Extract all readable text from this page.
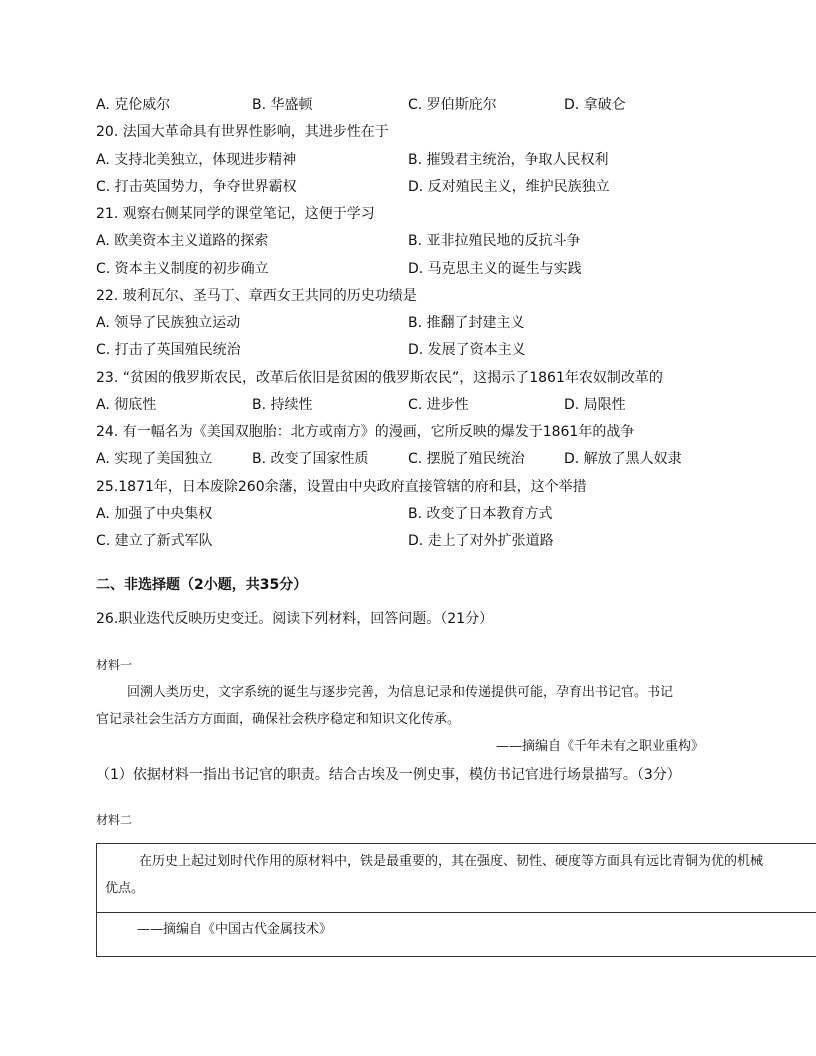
A. 克伦威尔	B. 华盛顿	C. 罗伯斯庇尔	D. 拿破仑
20. 法国大革命具有世界性影响，其进步性在于
A. 支持北美独立，体现进步精神	B. 摧毁君主统治，争取人民权利
C. 打击英国势力，争夺世界霸权	D. 反对殖民主义，维护民族独立
21. 观察右侧某同学的课堂笔记，这便于学习
A. 欧美资本主义道路的探索	B. 亚非拉殖民地的反抗斗争
C. 资本主义制度的初步确立	D. 马克思主义的诞生与实践
22. 玻利瓦尔、圣马丁、章西女王共同的历史功绩是
A. 领导了民族独立运动	B. 推翻了封建主义
C. 打击了英国殖民统治	D. 发展了资本主义
23. “贫困的俄罗斯农民，改革后依旧是贫困的俄罗斯农民”，这揭示了1861年农奴制改革的
A. 彻底性	B. 持续性	C. 进步性	D. 局限性
24. 有一幅名为《美国双胞胎：北方或南方》的漫画，它所反映的爆发于1861年的战争
A. 实现了美国独立	B. 改变了国家性质	C. 摆脱了殖民统治	D. 解放了黑人奴隶
25.1871年，日本废除260余藩，设置由中央政府直接管辖的府和县，这个举措
A. 加强了中央集权	B. 改变了日本教育方式
C. 建立了新式军队	D. 走上了对外扩张道路
二、非选择题（2小题，共35分）
26.职业迭代反映历史变迁。阅读下列材料，回答问题。（21分）
材料一
回溯人类历史，文字系统的诞生与逐步完善，为信息记录和传递提供可能，孕育出书记官。书记
官记录社会生活方方面面，确保社会秩序稳定和知识文化传承。
——摘编自《千年未有之职业重构》
（1）依据材料一指出书记官的职责。结合古埃及一例史事，模仿书记官进行场景描写。（3分）
材料二
在历史上起过划时代作用的原材料中，铁是最重要的，其在强度、韧性、硬度等方面具有远比青铜为优的机械
优点。
——摘编自《中国古代金属技术》
